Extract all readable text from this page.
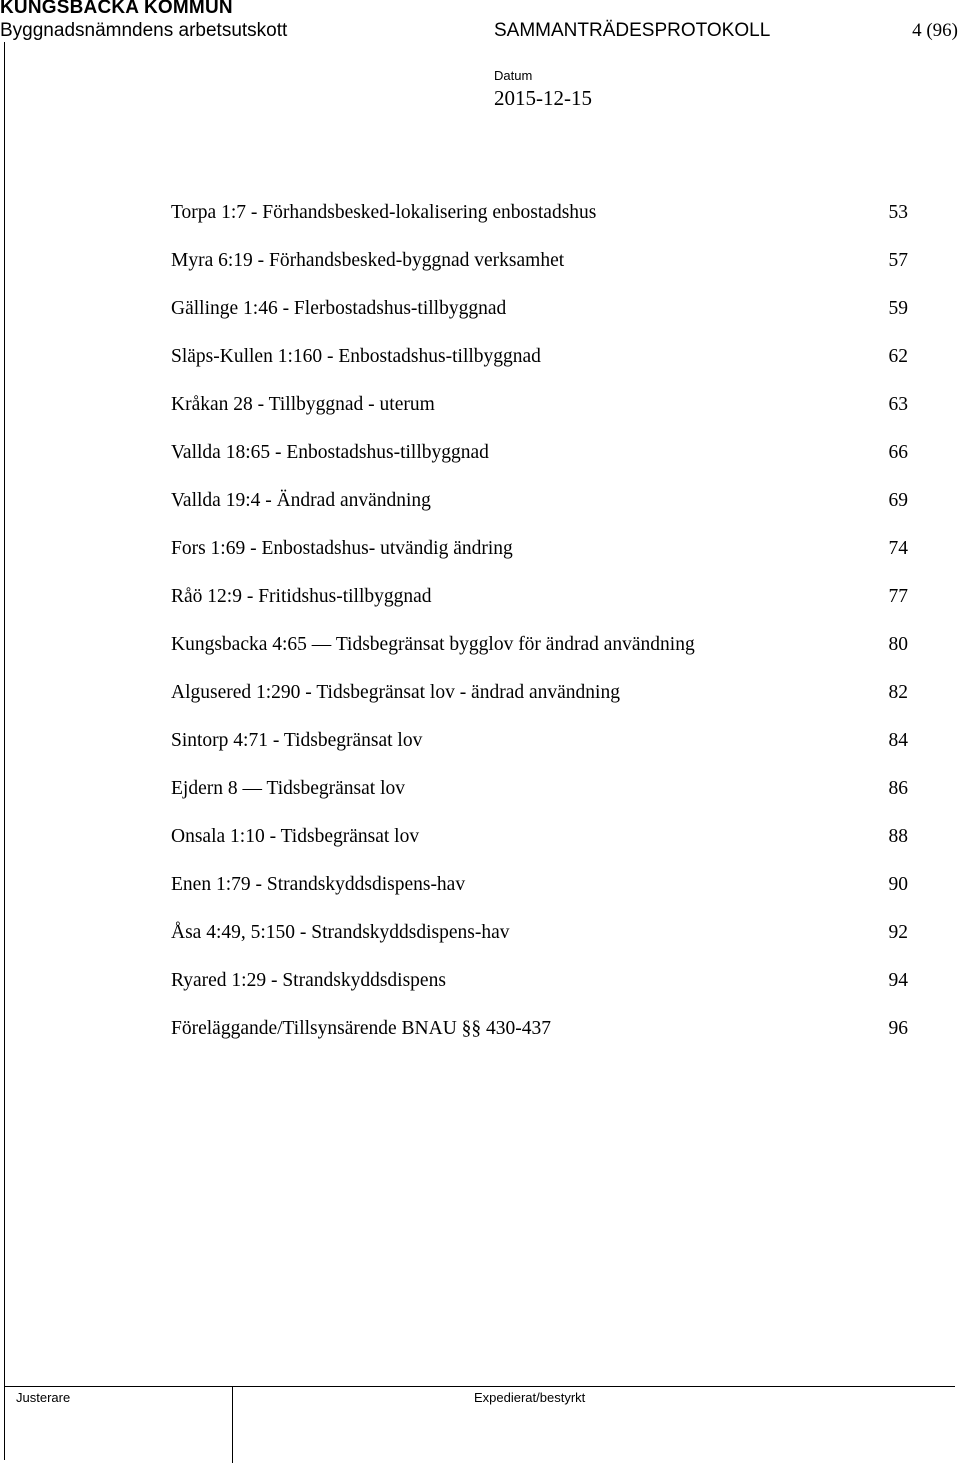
KUNGSBACKA KOMMUN
Byggnadsnämndens arbetsutskott	SAMMANTRÄDESPROTOKOLL	4 (96)
Datum
2015-12-15
Torpa 1:7 - Förhandsbesked-lokalisering enbostadshus	53
Myra 6:19 - Förhandsbesked-byggnad verksamhet	57
Gällinge 1:46 - Flerbostadshus-tillbyggnad	59
Släps-Kullen 1:160 - Enbostadshus-tillbyggnad	62
Kråkan 28 - Tillbyggnad - uterum	63
Vallda 18:65 - Enbostadshus-tillbyggnad	66
Vallda 19:4 - Ändrad användning	69
Fors 1:69 - Enbostadshus- utvändig ändring	74
Råö 12:9 - Fritidshus-tillbyggnad	77
Kungsbacka 4:65 — Tidsbegränsat bygglov för ändrad användning	80
Algusered 1:290 - Tidsbegränsat lov - ändrad användning	82
Sintorp 4:71 - Tidsbegränsat lov	84
Ejdern 8 — Tidsbegränsat lov	86
Onsala 1:10 - Tidsbegränsat lov	88
Enen 1:79 - Strandskyddsdispens-hav	90
Åsa 4:49, 5:150 - Strandskyddsdispens-hav	92
Ryared 1:29 - Strandskyddsdispens	94
Föreläggande/Tillsynsärende BNAU §§ 430-437	96
Justerare	Expedierat/bestyrkt
